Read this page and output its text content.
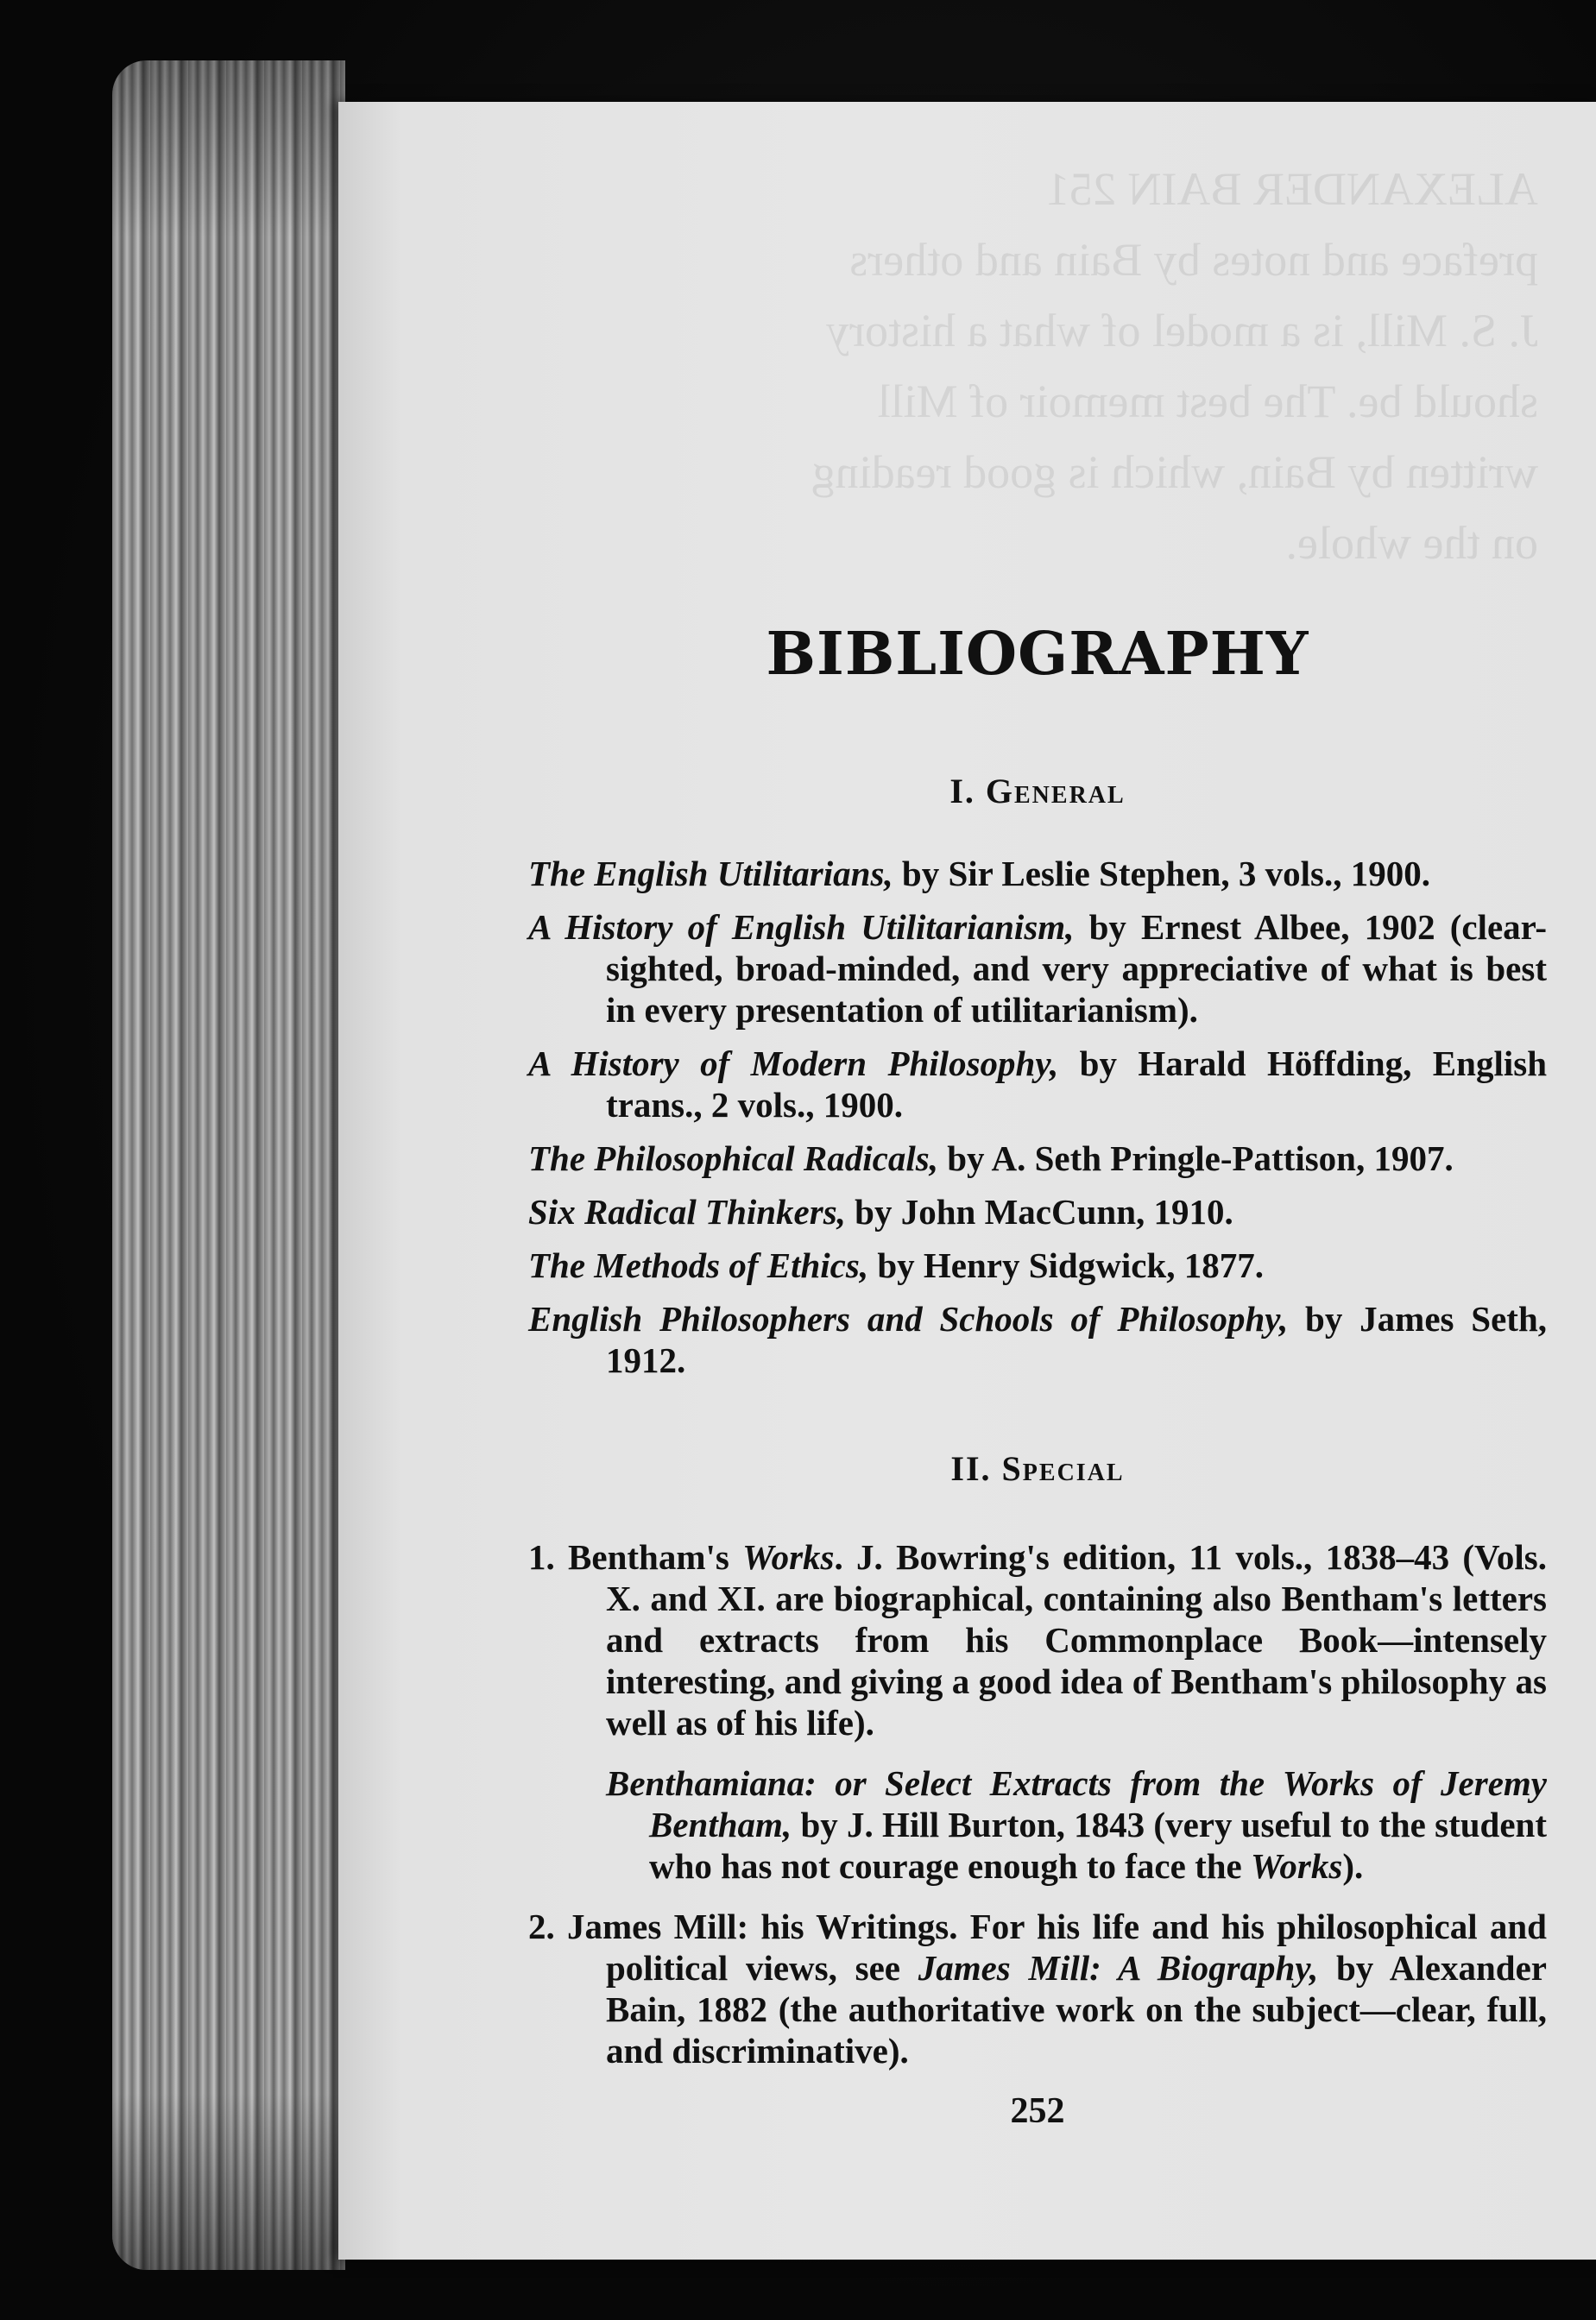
ALEXANDER BAIN 251
preface and notes by Bain and others
J. S. Mill, is a model of what a history
should be. The best memoir of Mill
written by Bain, which is good reading
on the whole.
BIBLIOGRAPHY
I. General
The English Utilitarians, by Sir Leslie Stephen, 3 vols., 1900.
A History of English Utilitarianism, by Ernest Albee, 1902 (clear-sighted, broad-minded, and very appreciative of what is best in every presentation of utilitarianism).
A History of Modern Philosophy, by Harald Höffding, English trans., 2 vols., 1900.
The Philosophical Radicals, by A. Seth Pringle-Pattison, 1907.
Six Radical Thinkers, by John MacCunn, 1910.
The Methods of Ethics, by Henry Sidgwick, 1877.
English Philosophers and Schools of Philosophy, by James Seth, 1912.
II. Special
1. Bentham's Works. J. Bowring's edition, 11 vols., 1838–43 (Vols. X. and XI. are biographical, containing also Bentham's letters and extracts from his Commonplace Book—intensely interesting, and giving a good idea of Bentham's philosophy as well as of his life).
Benthamiana: or Select Extracts from the Works of Jeremy Bentham, by J. Hill Burton, 1843 (very useful to the student who has not courage enough to face the Works).
2. James Mill: his Writings. For his life and his philosophical and political views, see James Mill: A Biography, by Alexander Bain, 1882 (the authoritative work on the subject—clear, full, and discriminative).
252
